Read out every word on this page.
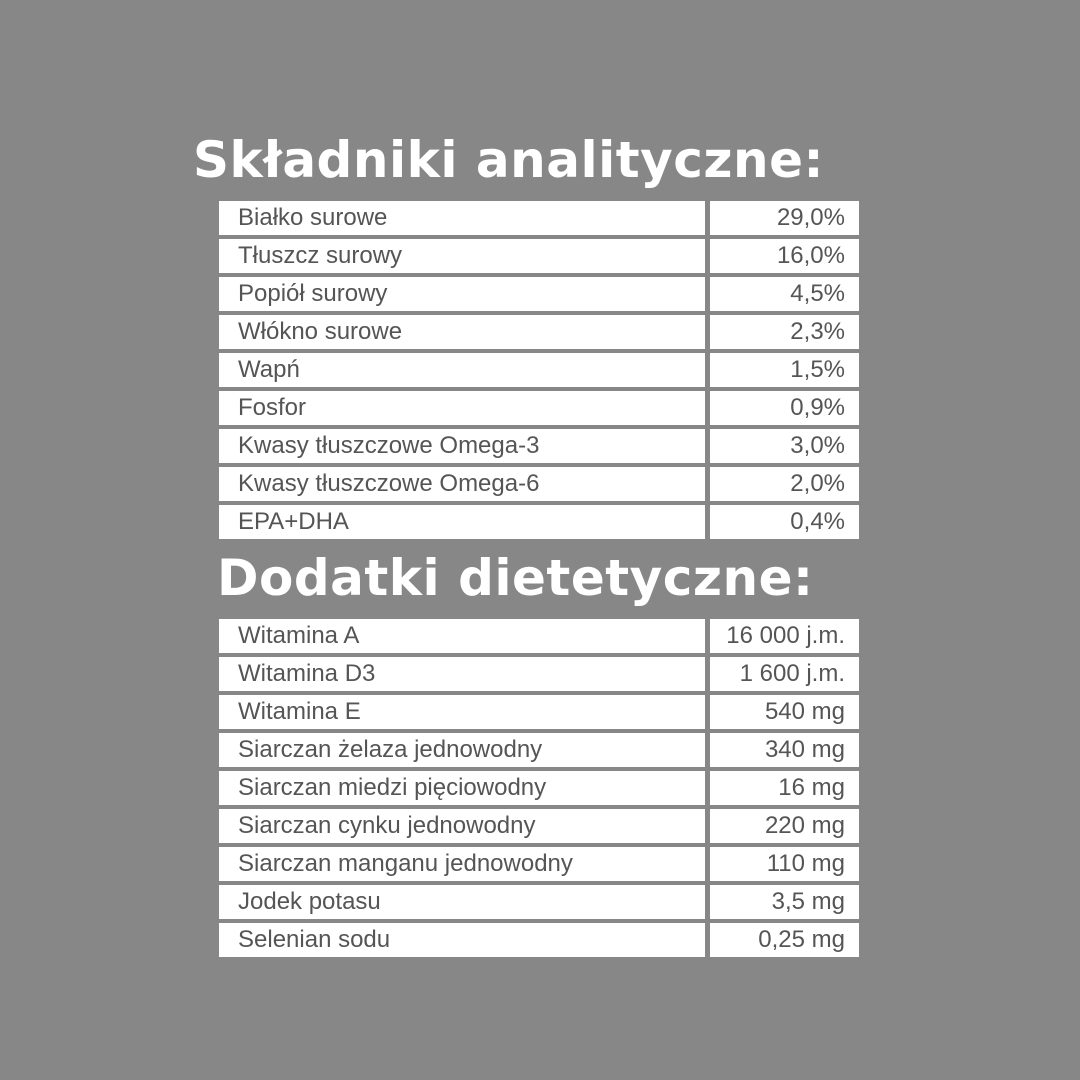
Składniki analityczne:
Białko surowe	29,0%
Tłuszcz surowy	16,0%
Popiół surowy	4,5%
Włókno surowe	2,3%
Wapń	1,5%
Fosfor	0,9%
Kwasy tłuszczowe Omega-3	3,0%
Kwasy tłuszczowe Omega-6	2,0%
EPA+DHA	0,4%
Dodatki dietetyczne:
Witamina A	16 000 j.m.
Witamina D3	1 600 j.m.
Witamina E	540 mg
Siarczan żelaza jednowodny	340 mg
Siarczan miedzi pięciowodny	16 mg
Siarczan cynku jednowodny	220 mg
Siarczan manganu jednowodny	110 mg
Jodek potasu	3,5 mg
Selenian sodu	0,25 mg
